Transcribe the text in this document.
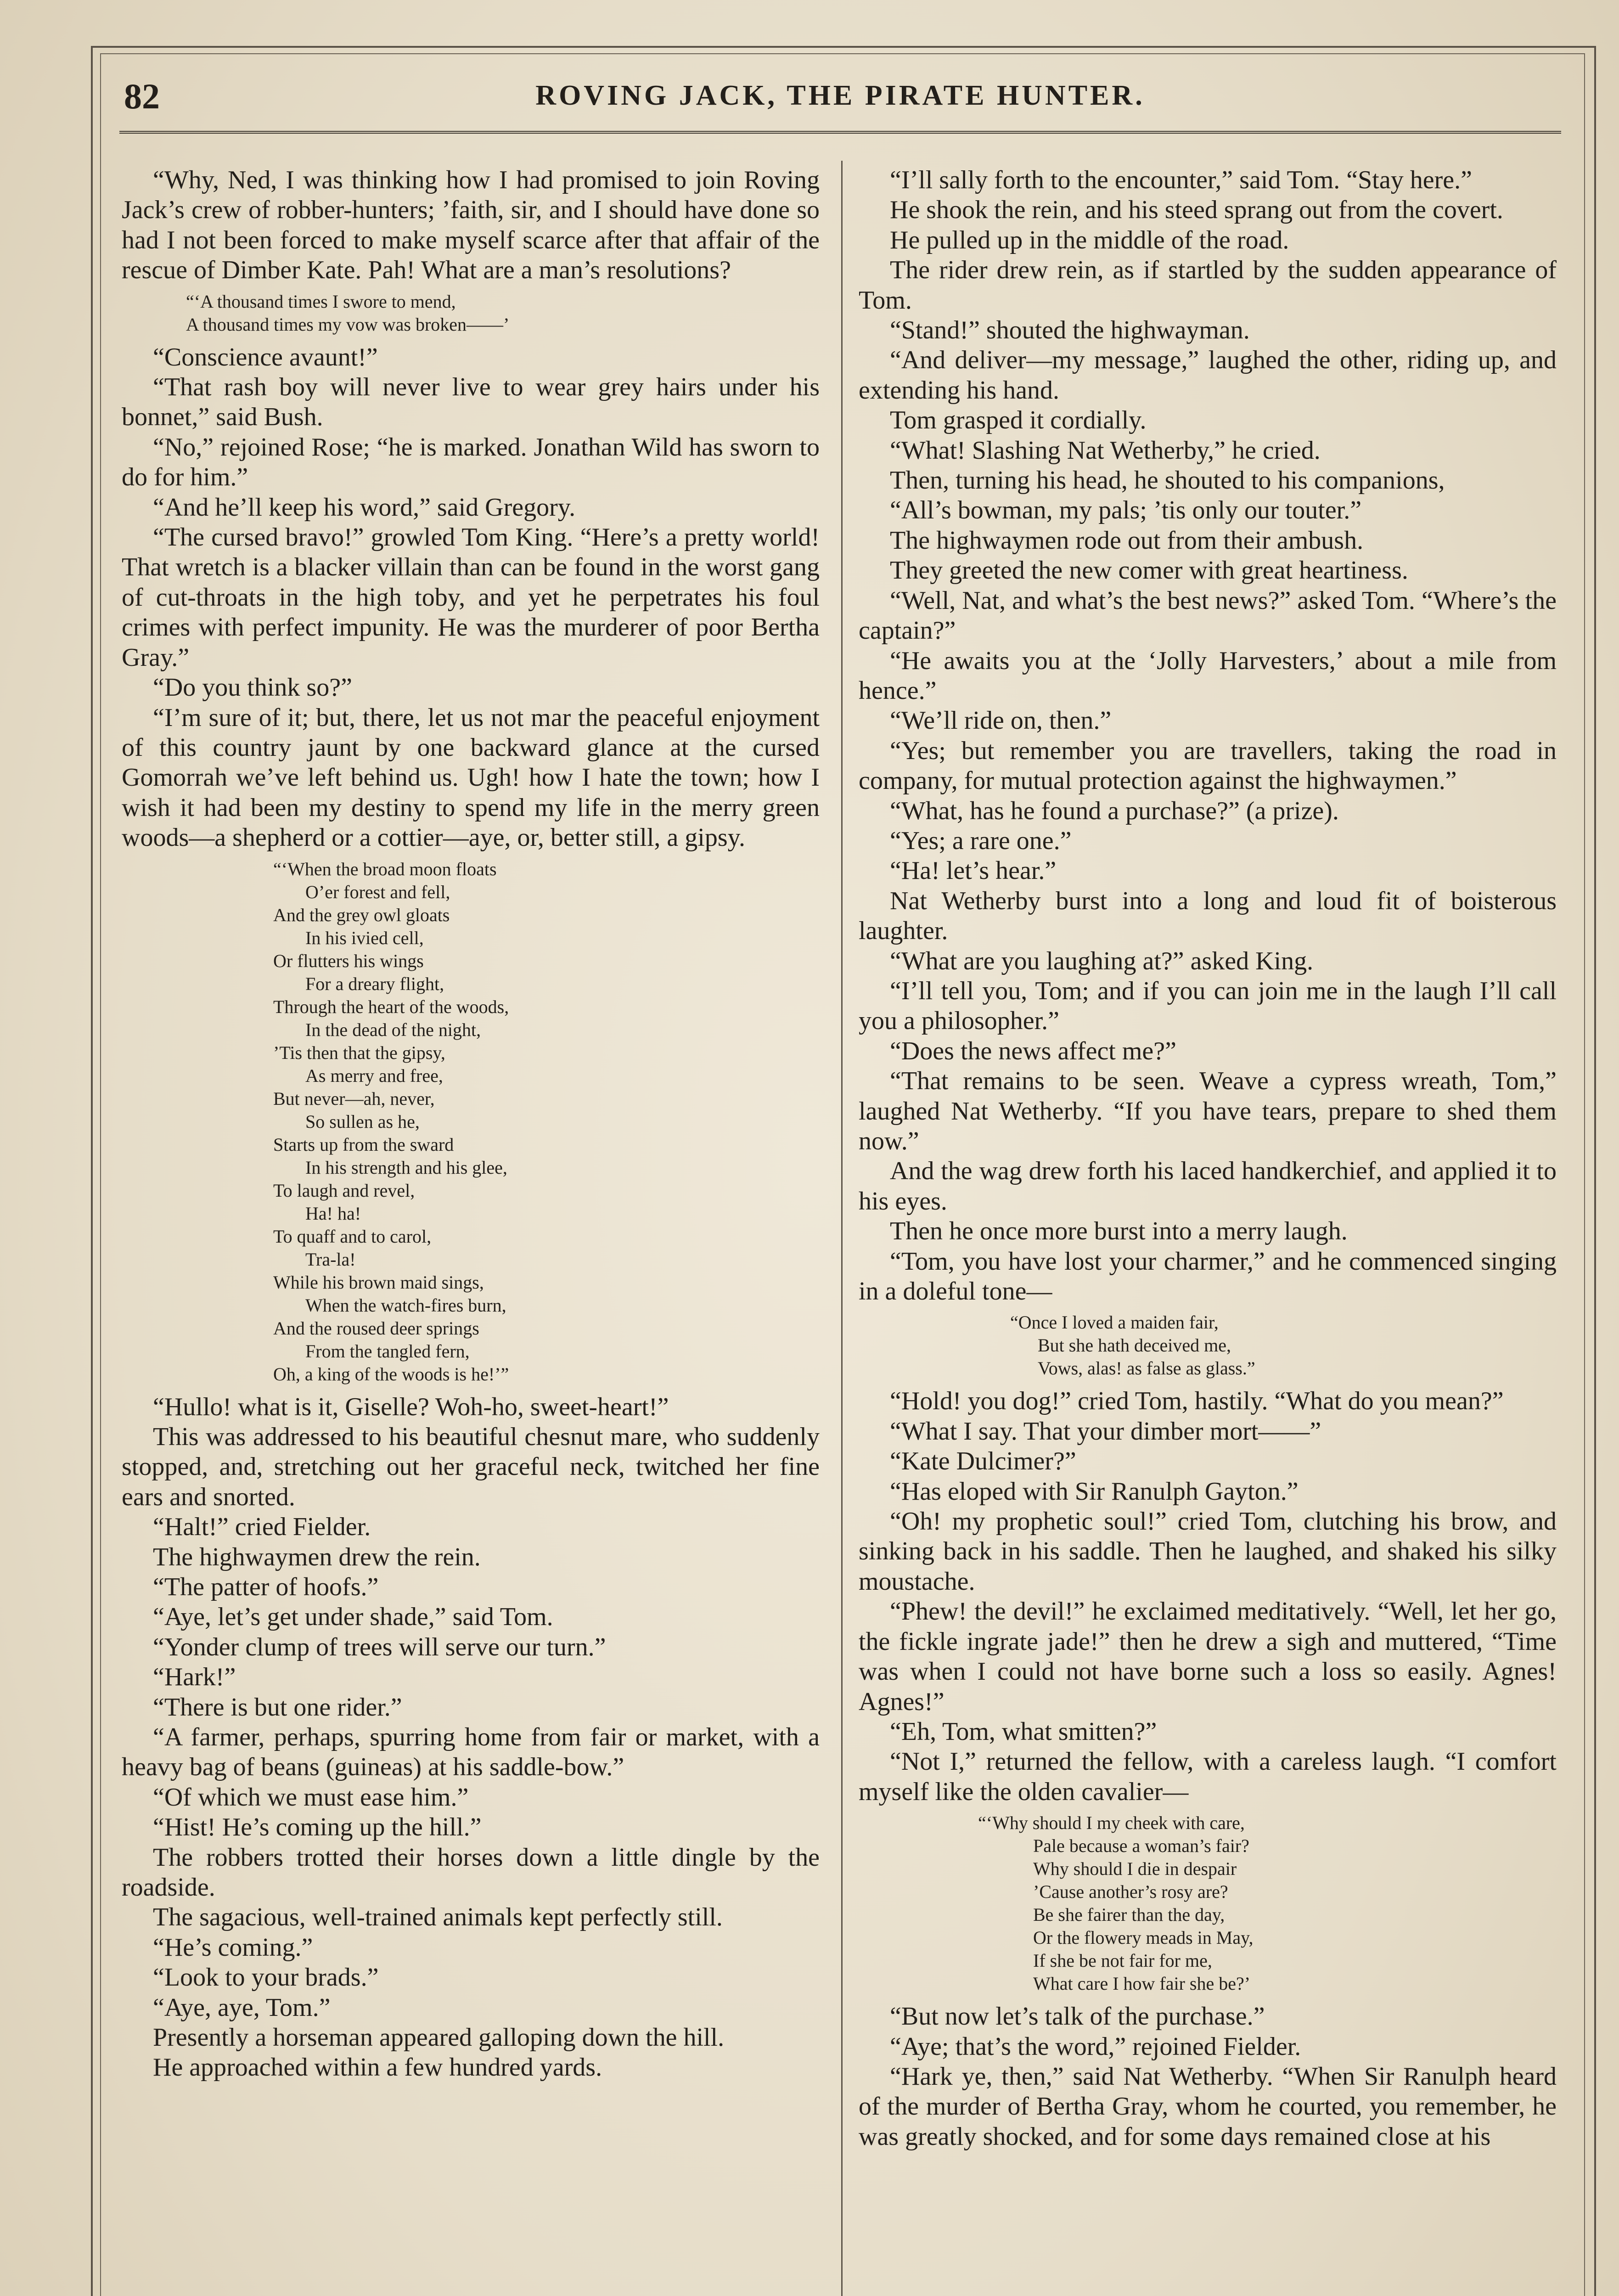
82	ROVING JACK, THE PIRATE HUNTER.

“Why, Ned, I was thinking how I had promised to join Roving Jack’s crew of robber-hunters; ’faith, sir, and I should have done so had I not been forced to make myself scarce after that affair of the rescue of Dimber Kate. Pah! What are a man’s resolutions?

“‘A thousand times I swore to mend,
A thousand times my vow was broken——’

“Conscience avaunt!”

“That rash boy will never live to wear grey hairs under his bonnet,” said Bush.

“No,” rejoined Rose; “he is marked. Jonathan Wild has sworn to do for him.”

“And he’ll keep his word,” said Gregory.

“The cursed bravo!” growled Tom King. “Here’s a pretty world! That wretch is a blacker villain than can be found in the worst gang of cut-throats in the high toby, and yet he perpetrates his foul crimes with perfect impunity. He was the murderer of poor Bertha Gray.”

“Do you think so?”

“I’m sure of it; but, there, let us not mar the peaceful enjoyment of this country jaunt by one backward glance at the cursed Gomorrah we’ve left behind us. Ugh! how I hate the town; how I wish it had been my destiny to spend my life in the merry green woods—a shepherd or a cottier—aye, or, better still, a gipsy.

“‘When the broad moon floats
O’er forest and fell,
And the grey owl gloats
In his ivied cell,
Or flutters his wings
For a dreary flight,
Through the heart of the woods,
In the dead of the night,
’Tis then that the gipsy,
As merry and free,
But never—ah, never,
So sullen as he,
Starts up from the sward
In his strength and his glee,
To laugh and revel,
Ha! ha!
To quaff and to carol,
Tra-la!
While his brown maid sings,
When the watch-fires burn,
And the roused deer springs
From the tangled fern,
Oh, a king of the woods is he!’”

“Hullo! what is it, Giselle? Woh-ho, sweet-heart!”

This was addressed to his beautiful chesnut mare, who suddenly stopped, and, stretching out her graceful neck, twitched her fine ears and snorted.

“Halt!” cried Fielder.

The highwaymen drew the rein.

“The patter of hoofs.”

“Aye, let’s get under shade,” said Tom.

“Yonder clump of trees will serve our turn.”

“Hark!”

“There is but one rider.”

“A farmer, perhaps, spurring home from fair or market, with a heavy bag of beans (guineas) at his saddle-bow.”

“Of which we must ease him.”

“Hist! He’s coming up the hill.”

The robbers trotted their horses down a little dingle by the roadside.

The sagacious, well-trained animals kept perfectly still.

“He’s coming.”

“Look to your brads.”

“Aye, aye, Tom.”

Presently a horseman appeared galloping down the hill.

He approached within a few hundred yards.

“I’ll sally forth to the encounter,” said Tom. “Stay here.”

He shook the rein, and his steed sprang out from the covert.

He pulled up in the middle of the road.

The rider drew rein, as if startled by the sudden appearance of Tom.

“Stand!” shouted the highwayman.

“And deliver—my message,” laughed the other, riding up, and extending his hand.

Tom grasped it cordially.

“What! Slashing Nat Wetherby,” he cried.

Then, turning his head, he shouted to his companions,

“All’s bowman, my pals; ’tis only our touter.”

The highwaymen rode out from their ambush.

They greeted the new comer with great heartiness.

“Well, Nat, and what’s the best news?” asked Tom. “Where’s the captain?”

“He awaits you at the ‘Jolly Harvesters,’ about a mile from hence.”

“We’ll ride on, then.”

“Yes; but remember you are travellers, taking the road in company, for mutual protection against the highwaymen.”

“What, has he found a purchase?” (a prize).

“Yes; a rare one.”

“Ha! let’s hear.”

Nat Wetherby burst into a long and loud fit of boisterous laughter.

“What are you laughing at?” asked King.

“I’ll tell you, Tom; and if you can join me in the laugh I’ll call you a philosopher.”

“Does the news affect me?”

“That remains to be seen. Weave a cypress wreath, Tom,” laughed Nat Wetherby. “If you have tears, prepare to shed them now.”

And the wag drew forth his laced handkerchief, and applied it to his eyes.

Then he once more burst into a merry laugh.

“Tom, you have lost your charmer,” and he commenced singing in a doleful tone—

“Once I loved a maiden fair,
But she hath deceived me,
Vows, alas! as false as glass.”

“Hold! you dog!” cried Tom, hastily. “What do you mean?”

“What I say. That your dimber mort——”

“Kate Dulcimer?”

“Has eloped with Sir Ranulph Gayton.”

“Oh! my prophetic soul!” cried Tom, clutching his brow, and sinking back in his saddle. Then he laughed, and shaked his silky moustache.

“Phew! the devil!” he exclaimed meditatively. “Well, let her go, the fickle ingrate jade!” then he drew a sigh and muttered, “Time was when I could not have borne such a loss so easily. Agnes! Agnes!”

“Eh, Tom, what smitten?”

“Not I,” returned the fellow, with a careless laugh. “I comfort myself like the olden cavalier—

“‘Why should I my cheek with care,
Pale because a woman’s fair?
Why should I die in despair
’Cause another’s rosy are?
Be she fairer than the day,
Or the flowery meads in May,
If she be not fair for me,
What care I how fair she be?’

“But now let’s talk of the purchase.”

“Aye; that’s the word,” rejoined Fielder.

“Hark ye, then,” said Nat Wetherby. “When Sir Ranulph heard of the murder of Bertha Gray, whom he courted, you remember, he was greatly shocked, and for some days remained close at his
